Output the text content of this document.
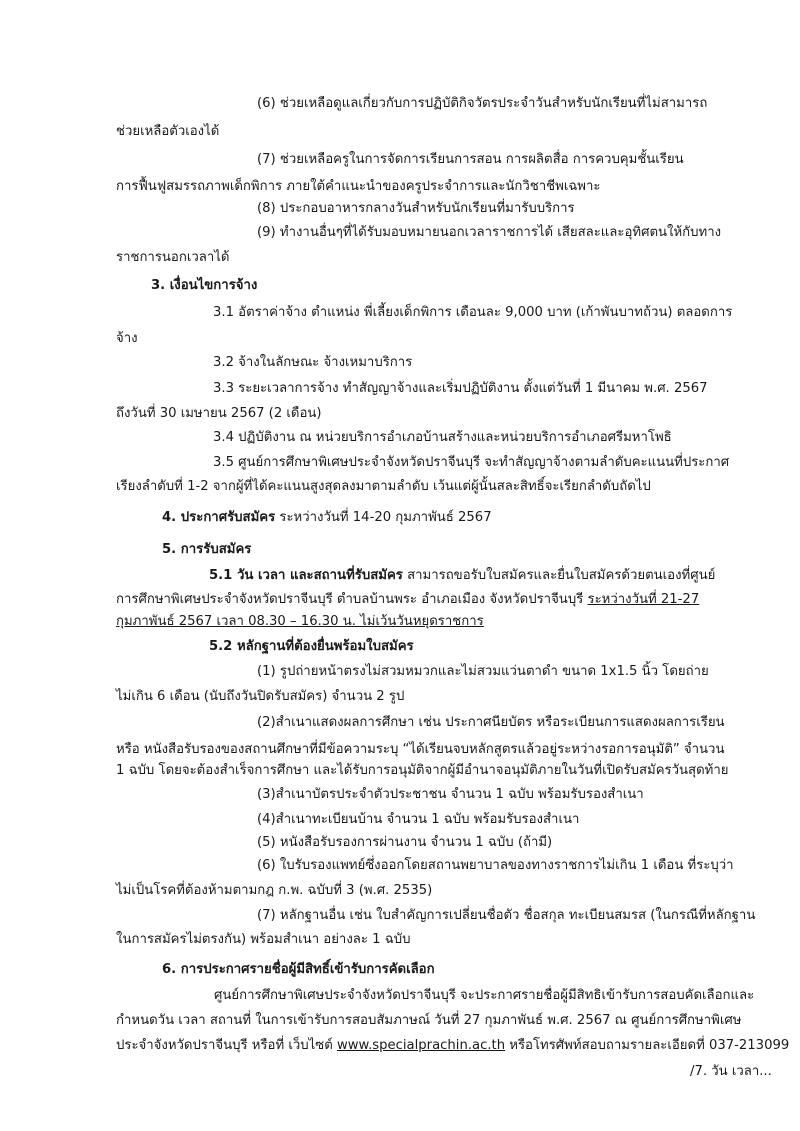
(6) ช่วยเหลือดูแลเกี่ยวกับการปฏิบัติกิจวัตรประจำวันสำหรับนักเรียนที่ไม่สามารถ
ช่วยเหลือตัวเองได้
(7) ช่วยเหลือครูในการจัดการเรียนการสอน การผลิตสื่อ การควบคุมชั้นเรียน
การฟื้นฟูสมรรถภาพเด็กพิการ ภายใต้คำแนะนำของครูประจำการและนักวิชาชีพเฉพาะ
(8) ประกอบอาหารกลางวันสำหรับนักเรียนที่มารับบริการ
(9) ทำงานอื่นๆที่ได้รับมอบหมายนอกเวลาราชการได้ เสียสละและอุทิศตนให้กับทาง
ราชการนอกเวลาได้
3. เงื่อนไขการจ้าง
3.1 อัตราค่าจ้าง ตำแหน่ง พี่เลี้ยงเด็กพิการ เดือนละ 9,000 บาท (เก้าพันบาทถ้วน) ตลอดการ
จ้าง
3.2 จ้างในลักษณะ จ้างเหมาบริการ
3.3 ระยะเวลาการจ้าง ทำสัญญาจ้างและเริ่มปฏิบัติงาน ตั้งแต่วันที่ 1 มีนาคม พ.ศ. 2567
ถึงวันที่ 30 เมษายน 2567 (2 เดือน)
3.4 ปฏิบัติงาน ณ หน่วยบริการอำเภอบ้านสร้างและหน่วยบริการอำเภอศรีมหาโพธิ
3.5 ศูนย์การศึกษาพิเศษประจำจังหวัดปราจีนบุรี จะทำสัญญาจ้างตามลำดับคะแนนที่ประกาศ
เรียงลำดับที่ 1-2 จากผู้ที่ได้คะแนนสูงสุดลงมาตามลำดับ เว้นแต่ผู้นั้นสละสิทธิ์จะเรียกลำดับถัดไป
4. ประกาศรับสมัคร ระหว่างวันที่ 14-20 กุมภาพันธ์ 2567
5. การรับสมัคร
5.1 วัน เวลา และสถานที่รับสมัคร สามารถขอรับใบสมัครและยื่นใบสมัครด้วยตนเองที่ศูนย์
การศึกษาพิเศษประจำจังหวัดปราจีนบุรี ตำบลบ้านพระ อำเภอเมือง จังหวัดปราจีนบุรี ระหว่างวันที่ 21-27
กุมภาพันธ์ 2567 เวลา 08.30 – 16.30 น. ไม่เว้นวันหยุดราชการ
5.2 หลักฐานที่ต้องยื่นพร้อมใบสมัคร
(1) รูปถ่ายหน้าตรงไม่สวมหมวกและไม่สวมแว่นตาดำ ขนาด 1x1.5 นิ้ว โดยถ่าย
ไม่เกิน 6 เดือน (นับถึงวันปิดรับสมัคร) จำนวน 2 รูป
(2)สำเนาแสดงผลการศึกษา เช่น ประกาศนียบัตร หรือระเบียนการแสดงผลการเรียน
หรือ หนังสือรับรองของสถานศึกษาที่มีข้อความระบุ “ได้เรียนจบหลักสูตรแล้วอยู่ระหว่างรอการอนุมัติ” จำนวน
1 ฉบับ โดยจะต้องสำเร็จการศึกษา และได้รับการอนุมัติจากผู้มีอำนาจอนุมัติภายในวันที่เปิดรับสมัครวันสุดท้าย
(3)สำเนาบัตรประจำตัวประชาชน จำนวน 1 ฉบับ พร้อมรับรองสำเนา
(4)สำเนาทะเบียนบ้าน จำนวน 1 ฉบับ พร้อมรับรองสำเนา
(5) หนังสือรับรองการผ่านงาน จำนวน 1 ฉบับ (ถ้ามี)
(6) ใบรับรองแพทย์ซึ่งออกโดยสถานพยาบาลของทางราชการไม่เกิน 1 เดือน ที่ระบุว่า
ไม่เป็นโรคที่ต้องห้ามตามกฎ ก.พ. ฉบับที่ 3 (พ.ศ. 2535)
(7) หลักฐานอื่น เช่น ใบสำคัญการเปลี่ยนชื่อตัว ชื่อสกุล ทะเบียนสมรส (ในกรณีที่หลักฐาน
ในการสมัครไม่ตรงกัน) พร้อมสำเนา อย่างละ 1 ฉบับ
6. การประกาศรายชื่อผู้มีสิทธิ์เข้ารับการคัดเลือก
ศูนย์การศึกษาพิเศษประจำจังหวัดปราจีนบุรี จะประกาศรายชื่อผู้มีสิทธิเข้ารับการสอบคัดเลือกและ
กำหนดวัน เวลา สถานที่ ในการเข้ารับการสอบสัมภาษณ์ วันที่ 27 กุมภาพันธ์ พ.ศ. 2567 ณ ศูนย์การศึกษาพิเศษ
ประจำจังหวัดปราจีนบุรี หรือที่ เว็บไซต์ www.specialprachin.ac.th หรือโทรศัพท์สอบถามรายละเอียดที่ 037-213099
/7. วัน เวลา...
